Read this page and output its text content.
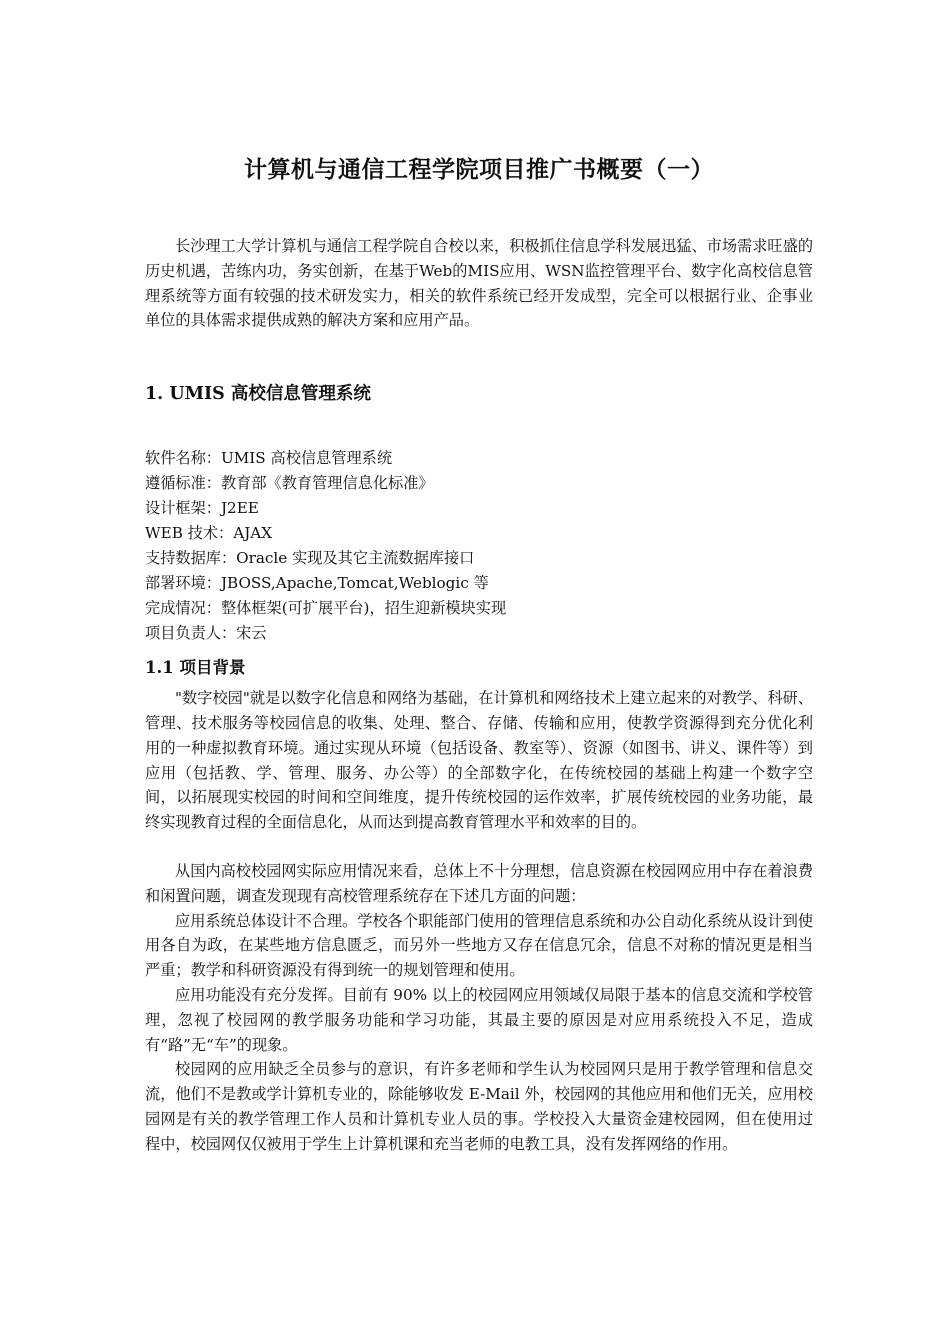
计算机与通信工程学院项目推广书概要（一）

长沙理工大学计算机与通信工程学院自合校以来，积极抓住信息学科发展迅猛、市场需求旺盛的历史机遇，苦练内功，务实创新，在基于Web的MIS应用、WSN监控管理平台、数字化高校信息管理系统等方面有较强的技术研发实力，相关的软件系统已经开发成型，完全可以根据行业、企事业单位的具体需求提供成熟的解决方案和应用产品。

1. UMIS 高校信息管理系统
软件名称：UMIS 高校信息管理系统
遵循标准：教育部《教育管理信息化标准》
设计框架：J2EE
WEB 技术：AJAX
支持数据库：Oracle 实现及其它主流数据库接口
部署环境：JBOSS,Apache,Tomcat,Weblogic 等
完成情况：整体框架(可扩展平台)，招生迎新模块实现
项目负责人：宋云
1.1 项目背景

"数字校园"就是以数字化信息和网络为基础，在计算机和网络技术上建立起来的对教学、科研、管理、技术服务等校园信息的收集、处理、整合、存储、传输和应用，使教学资源得到充分优化利用的一种虚拟教育环境。通过实现从环境（包括设备、教室等）、资源（如图书、讲义、课件等）到应用（包括教、学、管理、服务、办公等）的全部数字化，在传统校园的基础上构建一个数字空间，以拓展现实校园的时间和空间维度，提升传统校园的运作效率，扩展传统校园的业务功能，最终实现教育过程的全面信息化，从而达到提高教育管理水平和效率的目的。

从国内高校校园网实际应用情况来看，总体上不十分理想，信息资源在校园网应用中存在着浪费和闲置问题，调查发现现有高校管理系统存在下述几方面的问题：

应用系统总体设计不合理。学校各个职能部门使用的管理信息系统和办公自动化系统从设计到使用各自为政，在某些地方信息匮乏，而另外一些地方又存在信息冗余，信息不对称的情况更是相当严重；教学和科研资源没有得到统一的规划管理和使用。

应用功能没有充分发挥。目前有 90% 以上的校园网应用领域仅局限于基本的信息交流和学校管理，忽视了校园网的教学服务功能和学习功能，其最主要的原因是对应用系统投入不足，造成有“路”无“车”的现象。

校园网的应用缺乏全员参与的意识，有许多老师和学生认为校园网只是用于教学管理和信息交流，他们不是教或学计算机专业的，除能够收发 E-Mail 外，校园网的其他应用和他们无关，应用校园网是有关的教学管理工作人员和计算机专业人员的事。学校投入大量资金建校园网，但在使用过程中，校园网仅仅被用于学生上计算机课和充当老师的电教工具，没有发挥网络的作用。
